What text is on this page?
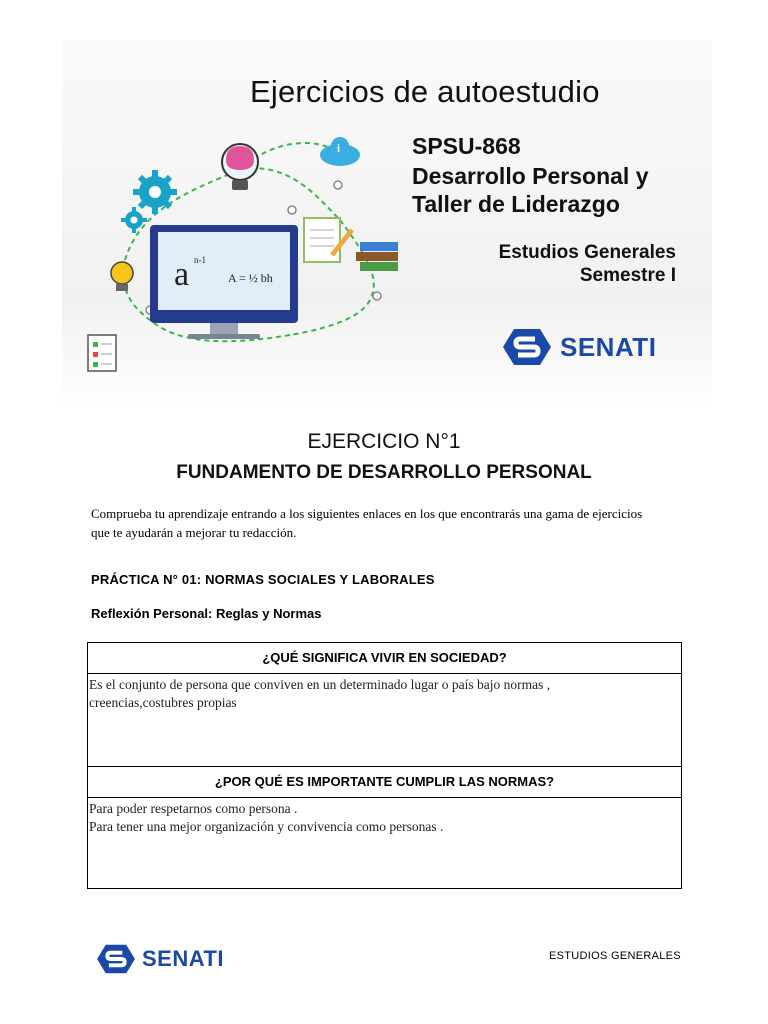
a n-1
A = ½ bh
i
Ejercicios de autoestudio
SPSU-868
Desarrollo Personal y Taller de Liderazgo
Estudios Generales
Semestre I
SENATI
EJERCICIO N°1
FUNDAMENTO DE DESARROLLO PERSONAL
Comprueba tu aprendizaje entrando a los siguientes enlaces en los que encontrarás una gama de ejercicios que te ayudarán a mejorar tu redacción.
PRÁCTICA N° 01: NORMAS SOCIALES Y LABORALES
Reflexión Personal: Reglas y Normas
¿QUÉ SIGNIFICA VIVIR EN SOCIEDAD?

Es el conjunto de persona que conviven en un determinado lugar o país bajo normas ,
creencias,costubres propias

¿POR QUÉ ES IMPORTANTE CUMPLIR LAS NORMAS?

Para poder respetarnos como persona .
Para tener una mejor organización y convivencia como personas .
SENATI	ESTUDIOS GENERALES
